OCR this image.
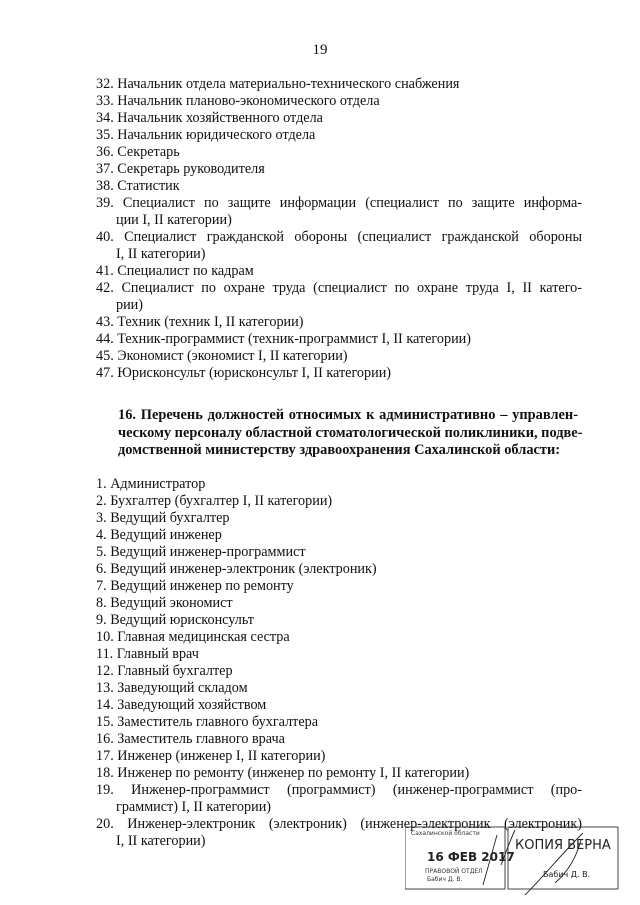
19
32. Начальник отдела материально-технического снабжения
33. Начальник планово-экономического отдела
34. Начальник хозяйственного отдела
35. Начальник юридического отдела
36. Секретарь
37. Секретарь руководителя
38. Статистик
39. Специалист по защите информации (специалист по защите информа-
ции I, II категории)
40. Специалист гражданской обороны (специалист гражданской обороны
I, II категории)
41. Специалист по кадрам
42. Специалист по охране труда (специалист по охране труда I, II катего-
рии)
43. Техник (техник I, II категории)
44. Техник-программист (техник-программист I, II категории)
45. Экономист (экономист I, II категории)
47. Юрисконсульт (юрисконсульт I, II категории)
16. Перечень должностей относимых к административно – управлен-
ческому персоналу областной стоматологической поликлиники, подве-
домственной министерству здравоохранения Сахалинской области:
1. Администратор
2. Бухгалтер (бухгалтер I, II категории)
3. Ведущий бухгалтер
4. Ведущий инженер
5. Ведущий инженер-программист
6. Ведущий инженер-электроник (электроник)
7. Ведущий инженер по ремонту
8. Ведущий экономист
9. Ведущий юрисконсульт
10. Главная медицинская сестра
11. Главный врач
12. Главный бухгалтер
13. Заведующий складом
14. Заведующий хозяйством
15. Заместитель главного бухгалтера
16. Заместитель главного врача
17. Инженер (инженер I, II категории)
18. Инженер по ремонту (инженер по ремонту I, II категории)
19. Инженер-программист (программист) (инженер-программист (про-
граммист) I, II категории)
20. Инженер-электроник (электроник) (инженер-электроник (электроник)
I, II категории)	Сахалинской области
16 ФЕВ 2017
ПРАВОВОЙ ОТДЕЛ
Бабич Д. В.
КОПИЯ ВЕРНА
Бабич Д. В.
